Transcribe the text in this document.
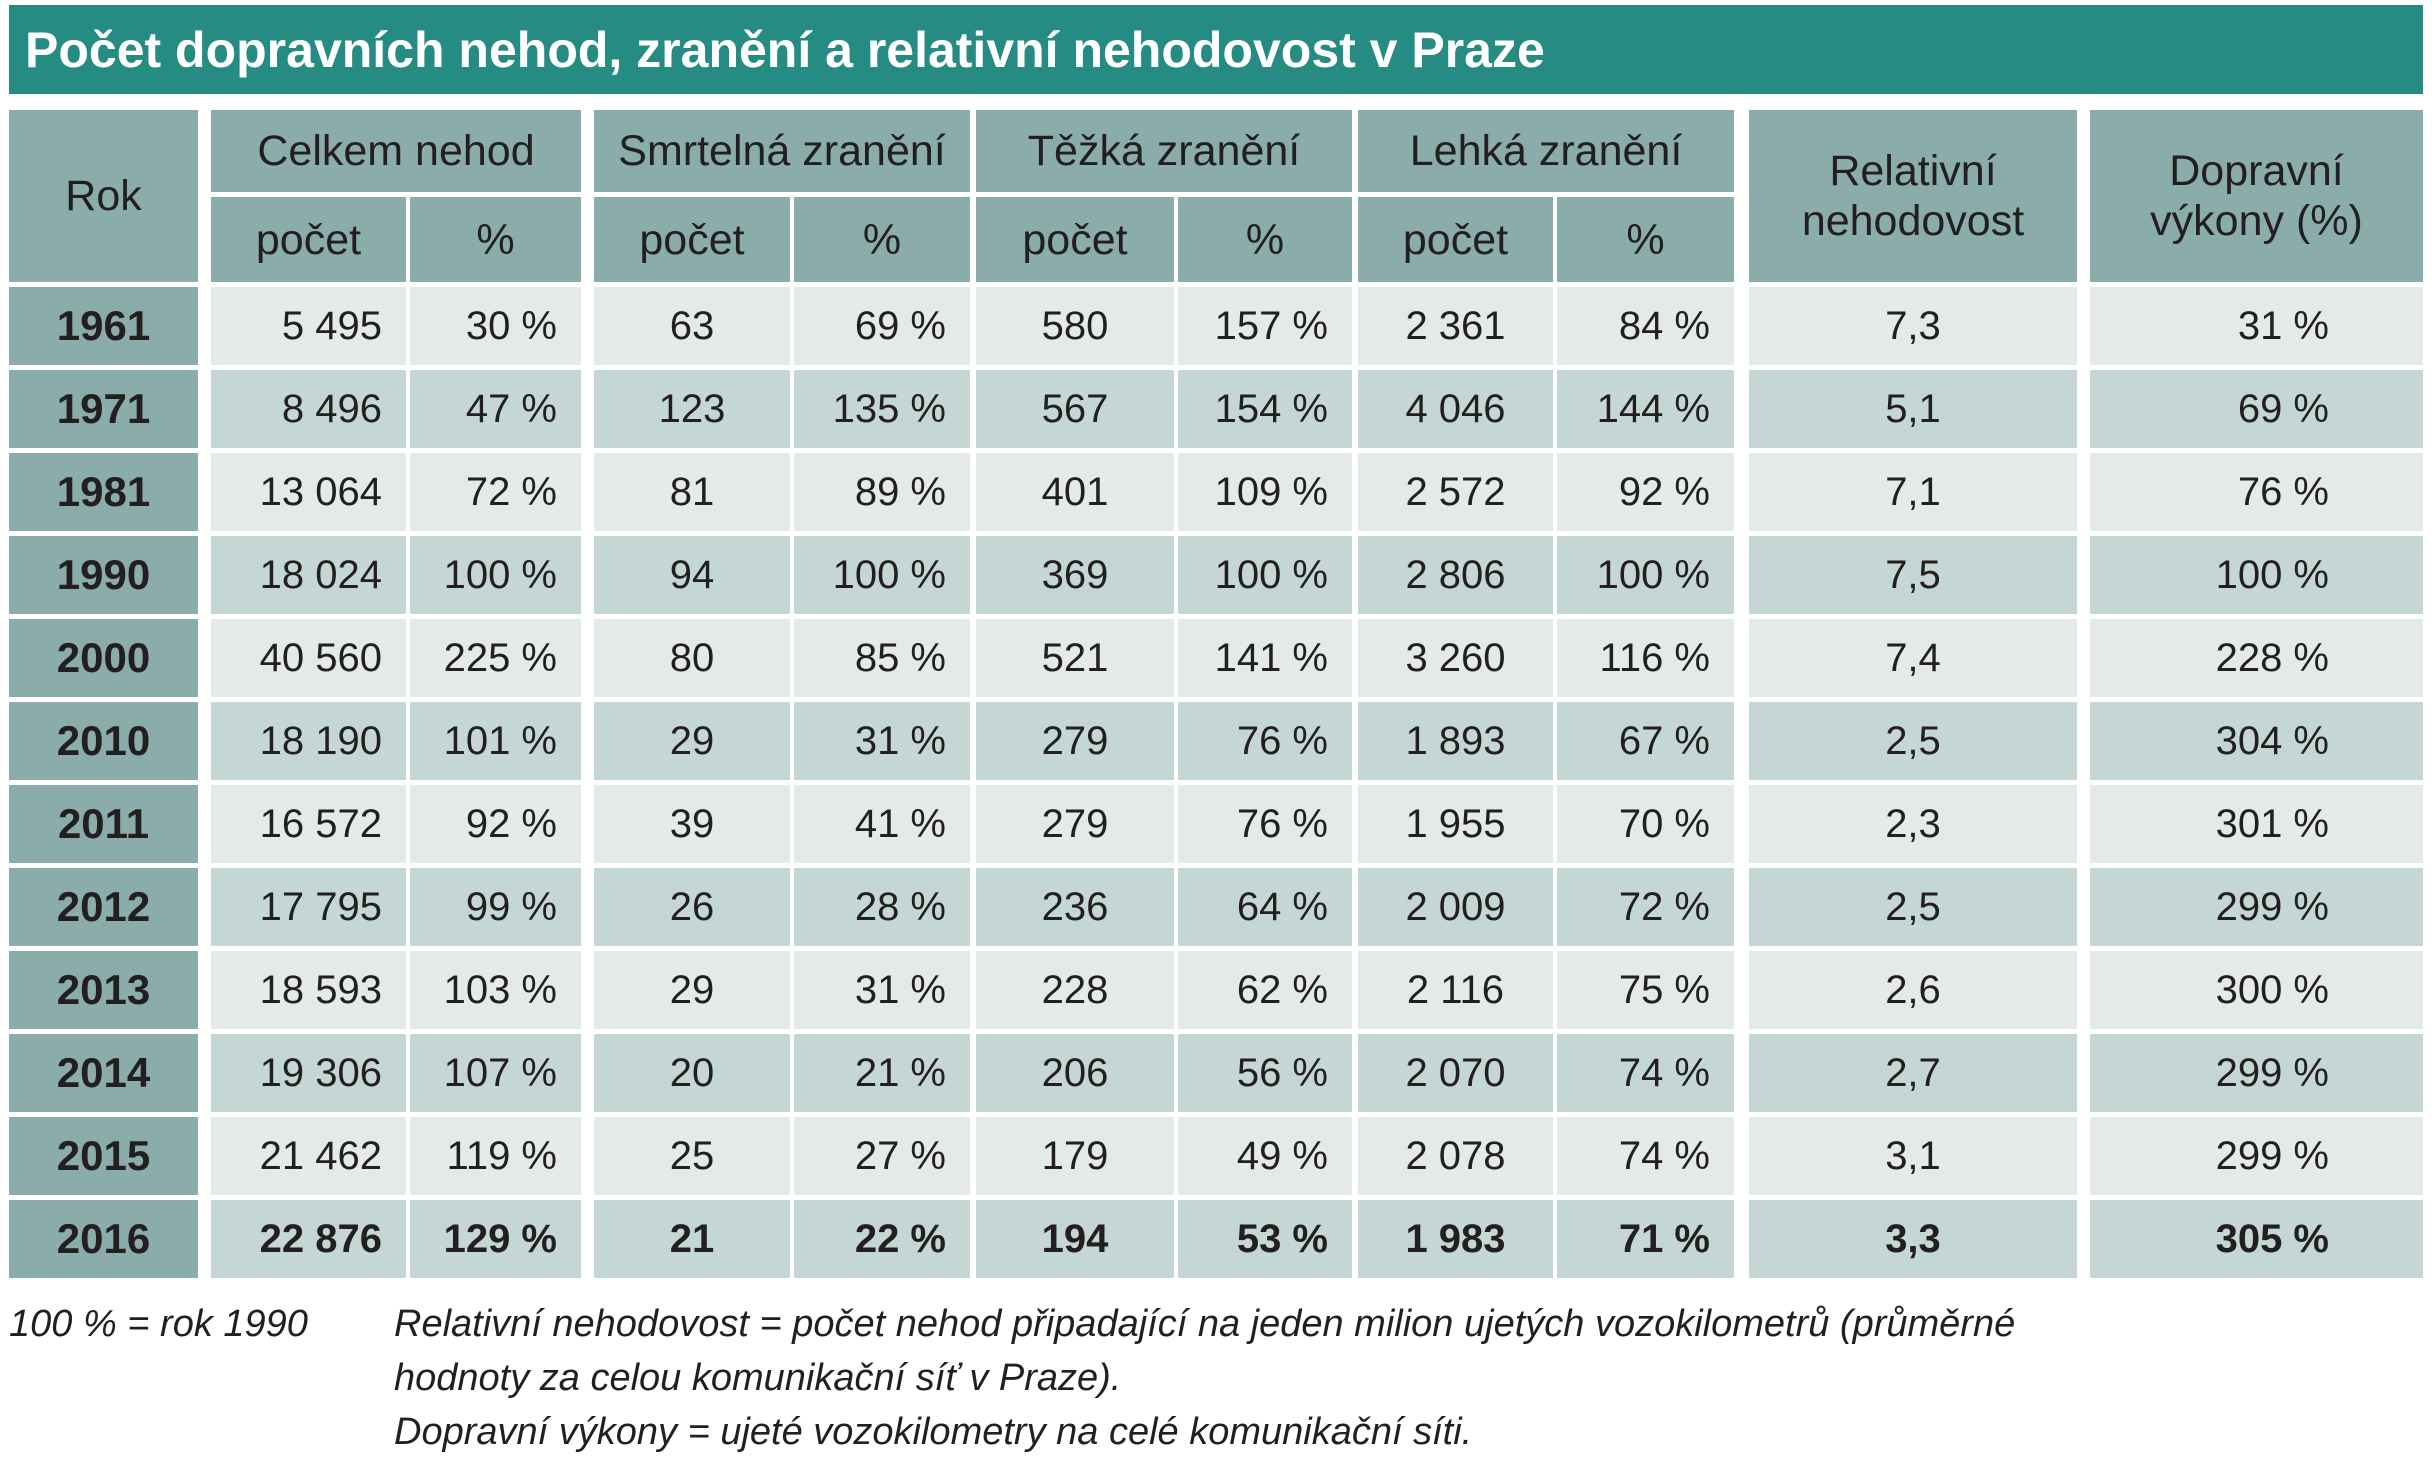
Počet dopravních nehod, zranění a relativní nehodovost v Praze
Rok
Celkem nehod	Smrtelná zranění	Těžká zranění	Lehká zranění
počet	%	počet	%	počet	%	počet	%
Relativní nehodovost
Dopravní výkony (%)
1961	5 495	30 %	63	69 %	580	157 %	2 361	84 %	7,3	31 %
1971	8 496	47 %	123	135 %	567	154 %	4 046	144 %	5,1	69 %
1981	13 064	72 %	81	89 %	401	109 %	2 572	92 %	7,1	76 %
1990	18 024	100 %	94	100 %	369	100 %	2 806	100 %	7,5	100 %
2000	40 560	225 %	80	85 %	521	141 %	3 260	116 %	7,4	228 %
2010	18 190	101 %	29	31 %	279	76 %	1 893	67 %	2,5	304 %
2011	16 572	92 %	39	41 %	279	76 %	1 955	70 %	2,3	301 %
2012	17 795	99 %	26	28 %	236	64 %	2 009	72 %	2,5	299 %
2013	18 593	103 %	29	31 %	228	62 %	2 116	75 %	2,6	300 %
2014	19 306	107 %	20	21 %	206	56 %	2 070	74 %	2,7	299 %
2015	21 462	119 %	25	27 %	179	49 %	2 078	74 %	3,1	299 %
2016	22 876	129 %	21	22 %	194	53 %	1 983	71 %	3,3	305 %
100 % = rok 1990 Relativní nehodovost = počet nehod připadající na jeden milion ujetých vozokilometrů (průměrné
hodnoty za celou komunikační síť v Praze).
Dopravní výkony = ujeté vozokilometry na celé komunikační síti.
